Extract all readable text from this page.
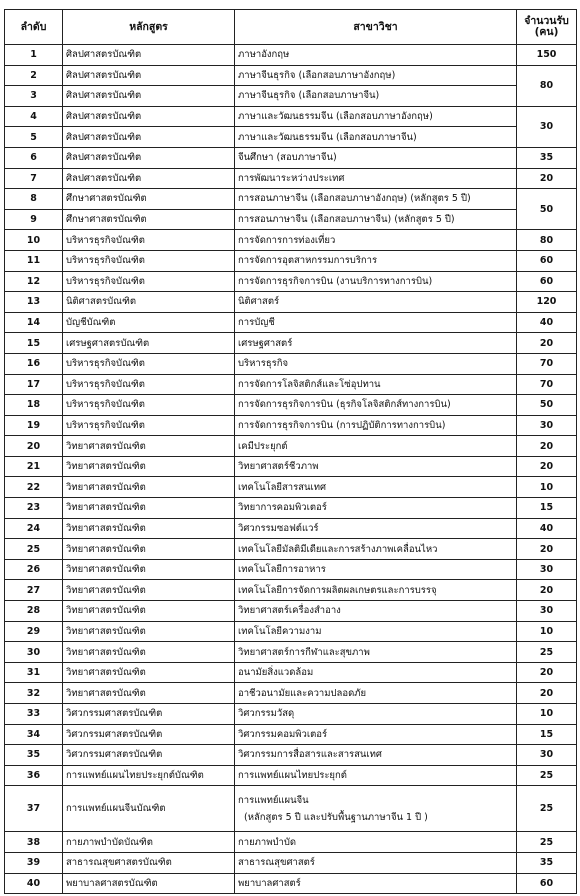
ลำดับ	หลักสูตร	สาขาวิชา	จำนวนรับ
(คน)
1	ศิลปศาสตรบัณฑิต	ภาษาอังกฤษ	150
2	ศิลปศาสตรบัณฑิต	ภาษาจีนธุรกิจ (เลือกสอบภาษาอังกฤษ)	80
3	ศิลปศาสตรบัณฑิต	ภาษาจีนธุรกิจ (เลือกสอบภาษาจีน)	
4	ศิลปศาสตรบัณฑิต	ภาษาและวัฒนธรรมจีน (เลือกสอบภาษาอังกฤษ)	30
5	ศิลปศาสตรบัณฑิต	ภาษาและวัฒนธรรมจีน (เลือกสอบภาษาจีน)	
6	ศิลปศาสตรบัณฑิต	จีนศึกษา (สอบภาษาจีน)	35
7	ศิลปศาสตรบัณฑิต	การพัฒนาระหว่างประเทศ	20
8	ศึกษาศาสตรบัณฑิต	การสอนภาษาจีน (เลือกสอบภาษาอังกฤษ) (หลักสูตร 5 ปี)	50
9	ศึกษาศาสตรบัณฑิต	การสอนภาษาจีน (เลือกสอบภาษาจีน) (หลักสูตร 5 ปี)	
10	บริหารธุรกิจบัณฑิต	การจัดการการท่องเที่ยว	80
11	บริหารธุรกิจบัณฑิต	การจัดการอุตสาหกรรมการบริการ	60
12	บริหารธุรกิจบัณฑิต	การจัดการธุรกิจการบิน (งานบริการทางการบิน)	60
13	นิติศาสตรบัณฑิต	นิติศาสตร์	120
14	บัญชีบัณฑิต	การบัญชี	40
15	เศรษฐศาสตรบัณฑิต	เศรษฐศาสตร์	20
16	บริหารธุรกิจบัณฑิต	บริหารธุรกิจ	70
17	บริหารธุรกิจบัณฑิต	การจัดการโลจิสติกส์และโซ่อุปทาน	70
18	บริหารธุรกิจบัณฑิต	การจัดการธุรกิจการบิน (ธุรกิจโลจิสติกส์ทางการบิน)	50
19	บริหารธุรกิจบัณฑิต	การจัดการธุรกิจการบิน (การปฏิบัติการทางการบิน)	30
20	วิทยาศาสตรบัณฑิต	เคมีประยุกต์	20
21	วิทยาศาสตรบัณฑิต	วิทยาศาสตร์ชีวภาพ	20
22	วิทยาศาสตรบัณฑิต	เทคโนโลยีสารสนเทศ	10
23	วิทยาศาสตรบัณฑิต	วิทยาการคอมพิวเตอร์	15
24	วิทยาศาสตรบัณฑิต	วิศวกรรมซอฟต์แวร์	40
25	วิทยาศาสตรบัณฑิต	เทคโนโลยีมัลติมีเดียและการสร้างภาพเคลื่อนไหว	20
26	วิทยาศาสตรบัณฑิต	เทคโนโลยีการอาหาร	30
27	วิทยาศาสตรบัณฑิต	เทคโนโลยีการจัดการผลิตผลเกษตรและการบรรจุ	20
28	วิทยาศาสตรบัณฑิต	วิทยาศาสตร์เครื่องสำอาง	30
29	วิทยาศาสตรบัณฑิต	เทคโนโลยีความงาม	10
30	วิทยาศาสตรบัณฑิต	วิทยาศาสตร์การกีฬาและสุขภาพ	25
31	วิทยาศาสตรบัณฑิต	อนามัยสิ่งแวดล้อม	20
32	วิทยาศาสตรบัณฑิต	อาชีวอนามัยและความปลอดภัย	20
33	วิศวกรรมศาสตรบัณฑิต	วิศวกรรมวัสดุ	10
34	วิศวกรรมศาสตรบัณฑิต	วิศวกรรมคอมพิวเตอร์	15
35	วิศวกรรมศาสตรบัณฑิต	วิศวกรรมการสื่อสารและสารสนเทศ	30
36	การแพทย์แผนไทยประยุกต์บัณฑิต	การแพทย์แผนไทยประยุกต์	25
37	การแพทย์แผนจีนบัณฑิต	การแพทย์แผนจีน
(หลักสูตร 5 ปี และปรับพื้นฐานภาษาจีน 1 ปี )	25
38	กายภาพบำบัดบัณฑิต	กายภาพบำบัด	25
39	สาธารณสุขศาสตรบัณฑิต	สาธารณสุขศาสตร์	35
40	พยาบาลศาสตรบัณฑิต	พยาบาลศาสตร์	60
